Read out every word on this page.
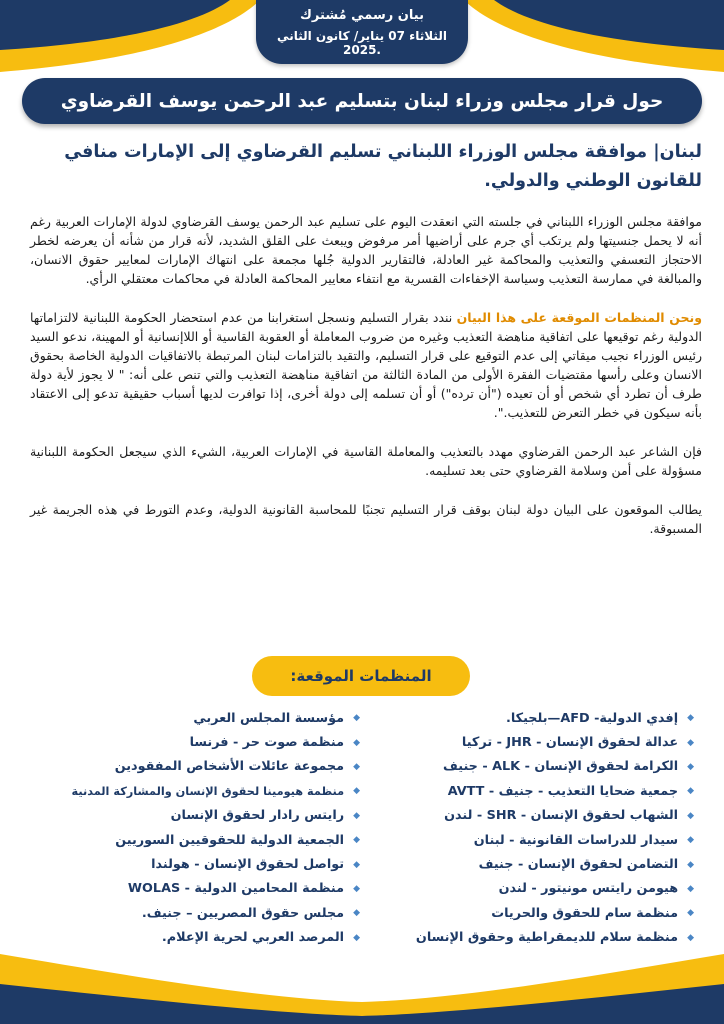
بيان رسمي مُشترك
الثلاثاء 07 يناير/ كانون الثاني 2025.
حول قرار مجلس وزراء لبنان بتسليم عبد الرحمن يوسف القرضاوي

لبنان| موافقة مجلس الوزراء اللبناني تسليم القرضاوي إلى الإمارات منافي للقانون الوطني والدولي.

موافقة مجلس الوزراء اللبناني في جلسته التي انعقدت اليوم على تسليم عبد الرحمن يوسف القرضاوي لدولة الإمارات العربية رغم أنه لا يحمل جنسيتها ولم يرتكب أي جرم على أراضيها أمر مرفوض ويبعث على القلق الشديد، لأنه قرار من شأنه أن يعرضه لخطر الاحتجاز التعسفي والتعذيب والمحاكمة غير العادلة، فالتقارير الدولية جُلها مجمعة على انتهاك الإمارات لمعايير حقوق الانسان، والمبالغة في ممارسة التعذيب وسياسة الإخفاءات القسرية مع انتفاء معايير المحاكمة العادلة في محاكمات معتقلي الرأي.

ونحن المنظمات الموقعة على هذا البيان نندد بقرار التسليم ونسجل استغرابنا من عدم استحضار الحكومة اللبنانية لالتزاماتها الدولية رغم توقيعها على اتفاقية مناهضة التعذيب وغيره من ضروب المعاملة أو العقوبة القاسية أو اللاإنسانية أو المهينة، ندعو السيد رئيس الوزراء نجيب ميقاتي إلى عدم التوقيع على قرار التسليم، والتقيد بالتزامات لبنان المرتبطة بالاتفاقيات الدولية الخاصة بحقوق الانسان وعلى رأسها مقتضيات الفقرة الأولى من المادة الثالثة من اتفاقية مناهضة التعذيب والتي تنص على أنه: " لا يجوز لأية دولة طرف أن تطرد أي شخص أو أن تعيده ("أن ترده") أو أن تسلمه إلى دولة أخرى، إذا توافرت لديها أسباب حقيقية تدعو إلى الاعتقاد بأنه سيكون في خطر التعرض للتعذيب.".

فإن الشاعر عبد الرحمن القرضاوي مهدد بالتعذيب والمعاملة القاسية في الإمارات العربية، الشيء الذي سيجعل الحكومة اللبنانية مسؤولة على أمن وسلامة القرضاوي حتى بعد تسليمه.

يطالب الموقعون على البيان دولة لبنان بوقف قرار التسليم تجنبًا للمحاسبة القانونية الدولية، وعدم التورط في هذه الجريمة غير المسبوقة.

المنظمات الموقعة:
◆
إفدي الدولية- AFD—بلجيكا.
◆
عدالة لحقوق الإنسان - JHR - تركيا
◆
الكرامة لحقوق الإنسان - ALK - جنيف
◆
جمعية ضحايا التعذيب - جنيف - AVTT
◆
الشهاب لحقوق الإنسان - SHR - لندن
◆
سيدار للدراسات القانونية - لبنان
◆
التضامن لحقوق الإنسان - جنيف
◆
هيومن رايتس مونيتور - لندن
◆
منظمة سام للحقوق والحريات
◆
منظمة سلام للديمقراطية وحقوق الإنسان
◆
مؤسسة المجلس العربي
◆
منظمة صوت حر - فرنسا
◆
مجموعة عائلات الأشخاص المفقودين
◆
منظمة هيومينا لحقوق الإنسان والمشاركة المدنية
◆
رايتس رادار لحقوق الإنسان
◆
الجمعية الدولية للحقوقيين السوريين
◆
تواصل لحقوق الإنسان - هولندا
◆
منظمة المحامين الدولية - WOLAS
◆
مجلس حقوق المصريين – جنيف.
◆
المرصد العربي لحرية الإعلام.
